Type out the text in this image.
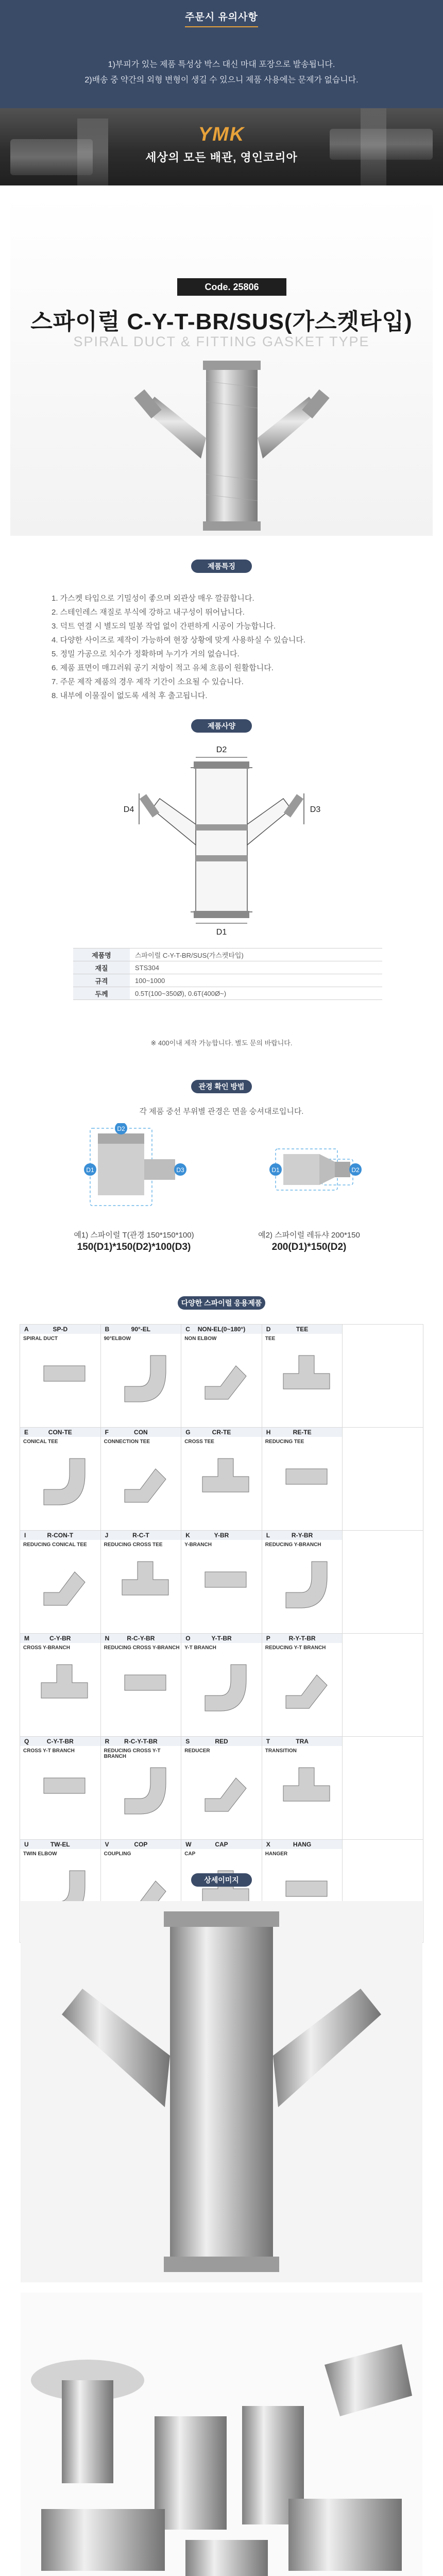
주문시 유의사항
1)부피가 있는 제품 특성상 박스 대신 마대 포장으로 발송됩니다.
2)배송 중 약간의 외형 변형이 생길 수 있으니 제품 사용에는 문제가 없습니다.
YMK
세상의 모든 배관, 영인코리아
Code. 25806
스파이럴 C-Y-T-BR/SUS(가스켓타입)
SPIRAL DUCT & FITTING GASKET TYPE
제품특징
1. 가스켓 타입으로 기밀성이 좋으며 외관상 매우 깔끔합니다.
2. 스테인레스 재질로 부식에 강하고 내구성이 뛰어납니다.
3. 덕트 연결 시 별도의 밀봉 작업 없이 간편하게 시공이 가능합니다.
4. 다양한 사이즈로 제작이 가능하여 현장 상황에 맞게 사용하실 수 있습니다.
5. 정밀 가공으로 치수가 정확하며 누기가 거의 없습니다.
6. 제품 표면이 매끄러워 공기 저항이 적고 유체 흐름이 원활합니다.
7. 주문 제작 제품의 경우 제작 기간이 소요될 수 있습니다.
8. 내부에 이물질이 없도록 세척 후 출고됩니다.
제품사양
D2
D1
D4	D3
제품명	스파이럴 C-Y-T-BR/SUS(가스켓타입)
재질	STS304
규격	100~1000
두께	0.5T(100~350Ø), 0.6T(400Ø~)
※ 400이내 제작 가능합니다. 별도 문의 바랍니다.
관경 확인 방법
각 제품 중선 부위별 관경은 면을 숭셔대로입니다.
D1
D2
D3	D1	D2
예1) 스파이럴 T(관경 150*150*100)	예2) 스파이럴 레듀샤 200*150
150(D1)*150(D2)*100(D3)	200(D1)*150(D2)
다양한 스파이럴 응용제품
A	SP-D
SPIRAL DUCT
B	90°-EL
90°ELBOW
C NON-EL(0~180°)
NON ELBOW
D	TEE
TEE
E	CON-TE
CONICAL TEE
F	CON
CONNECTION TEE
G	CR-TE
CROSS TEE
H	RE-TE
REDUCING TEE
I	R-CON-T
REDUCING CONICAL TEE
J	R-C-T
REDUCING CROSS TEE
K	Y-BR
Y-BRANCH
L	R-Y-BR
REDUCING Y-BRANCH
M	C-Y-BR
CROSS Y-BRANCH
N	R-C-Y-BR
REDUCING CROSS Y-BRANCH
O	Y-T-BR
Y-T BRANCH
P	R-Y-T-BR
REDUCING Y-T BRANCH
Q	C-Y-T-BR
CROSS Y-T BRANCH
R R-C-Y-T-BR
REDUCING CROSS Y-T BRANCH
S	RED
REDUCER
T	TRA
TRANSITION
U	TW-EL
TWIN ELBOW
V	COP
COUPLING
W	CAP
CAP
X	HANG
HANGER
상세이미지
